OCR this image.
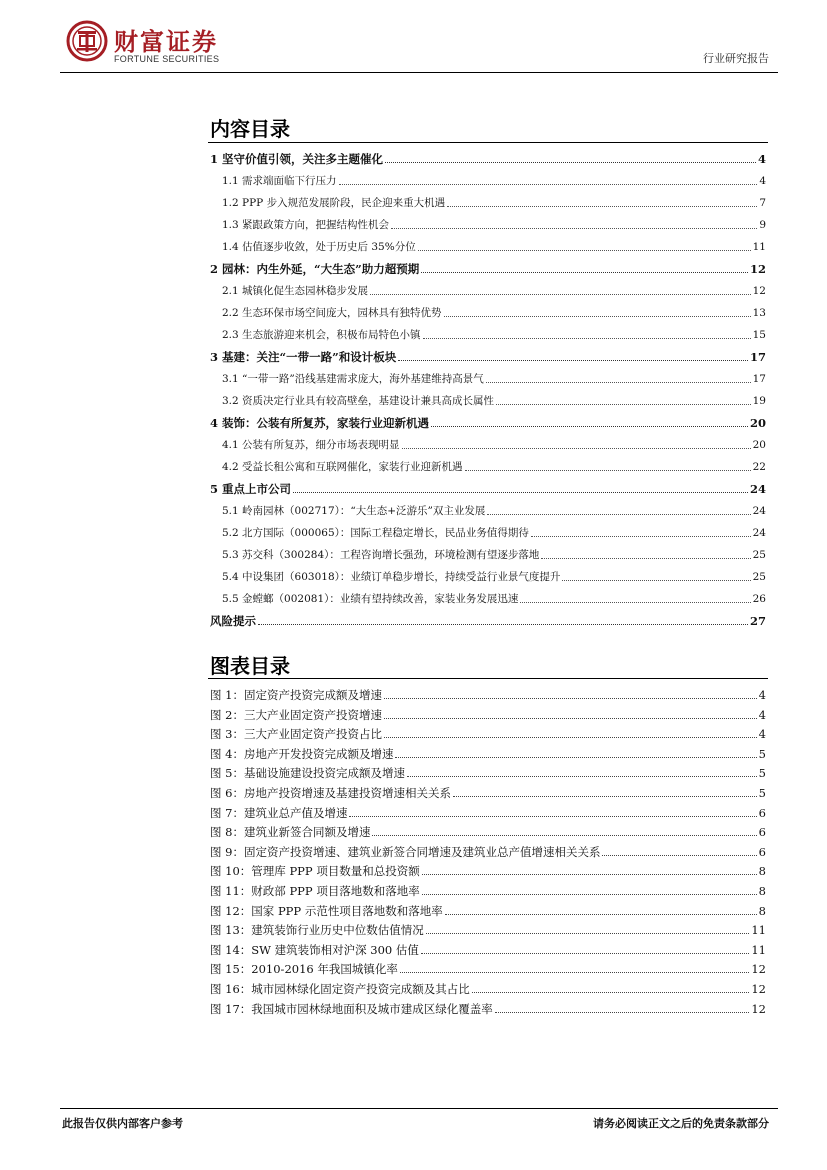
财富证券
FORTUNE SECURITIES	行业研究报告
内容目录
1 坚守价值引领，关注多主题催化	4
1.1 需求端面临下行压力	4
1.2 PPP 步入规范发展阶段，民企迎来重大机遇	7
1.3 紧跟政策方向，把握结构性机会	9
1.4 估值逐步收敛，处于历史后 35%分位	11
2 园林：内生外延，“大生态”助力超预期	12
2.1 城镇化促生态园林稳步发展	12
2.2 生态环保市场空间庞大，园林具有独特优势	13
2.3 生态旅游迎来机会，积极布局特色小镇	15
3 基建：关注“一带一路”和设计板块	17
3.1 “一带一路”沿线基建需求庞大，海外基建维持高景气	17
3.2 资质决定行业具有较高壁垒，基建设计兼具高成长属性	19
4 装饰：公装有所复苏，家装行业迎新机遇	20
4.1 公装有所复苏，细分市场表现明显	20
4.2 受益长租公寓和互联网催化，家装行业迎新机遇	22
5 重点上市公司	24
5.1 岭南园林（002717）：“大生态+泛游乐”双主业发展	24
5.2 北方国际（000065）：国际工程稳定增长，民品业务值得期待	24
5.3 苏交科（300284）：工程咨询增长强劲，环境检测有望逐步落地	25
5.4 中设集团（603018）：业绩订单稳步增长，持续受益行业景气度提升	25
5.5 金螳螂（002081）：业绩有望持续改善，家装业务发展迅速	26
风险提示	27
图表目录
图 1：固定资产投资完成额及增速	4
图 2：三大产业固定资产投资增速	4
图 3：三大产业固定资产投资占比	4
图 4：房地产开发投资完成额及增速	5
图 5：基础设施建设投资完成额及增速	5
图 6：房地产投资增速及基建投资增速相关关系	5
图 7：建筑业总产值及增速	6
图 8：建筑业新签合同额及增速	6
图 9：固定资产投资增速、建筑业新签合同增速及建筑业总产值增速相关关系	6
图 10：管理库 PPP 项目数量和总投资额	8
图 11：财政部 PPP 项目落地数和落地率	8
图 12：国家 PPP 示范性项目落地数和落地率	8
图 13：建筑装饰行业历史中位数估值情况	11
图 14：SW 建筑装饰相对沪深 300 估值	11
图 15：2010-2016 年我国城镇化率	12
图 16：城市园林绿化固定资产投资完成额及其占比	12
图 17：我国城市园林绿地面积及城市建成区绿化覆盖率	12
此报告仅供内部客户参考	请务必阅读正文之后的免责条款部分
